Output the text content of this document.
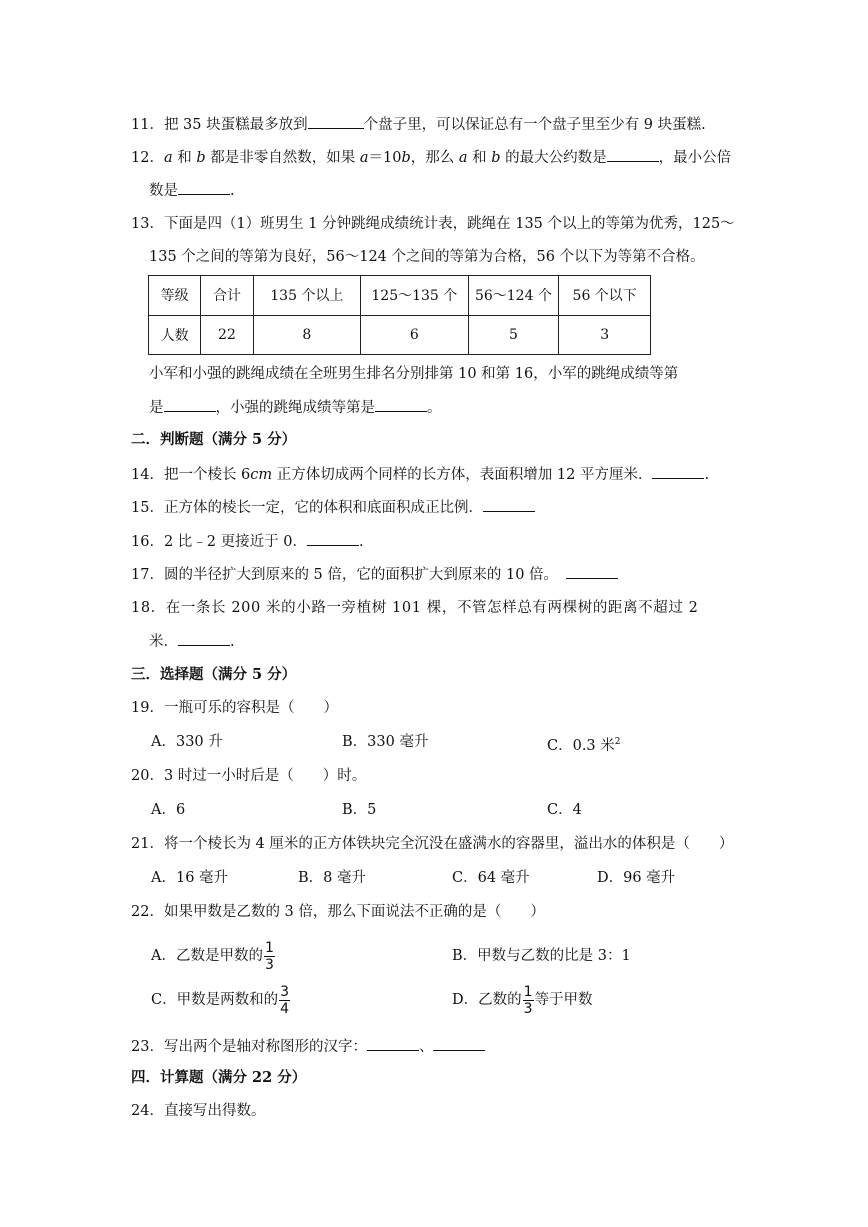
11．把 35 块蛋糕最多放到	个盘子里，可以保证总有一个盘子里至少有 9 块蛋糕.
12．a 和 b 都是非零自然数，如果 a＝10b，那么 a 和 b 的最大公约数是	，最小公倍
数是	.
13．下面是四（1）班男生 1 分钟跳绳成绩统计表，跳绳在 135 个以上的等第为优秀，125～
135 个之间的等第为良好，56～124 个之间的等第为合格，56 个以下为等第不合格。
等级	合计	135 个以上	125～135 个	56～124 个	56 个以下
人数	22	8	6	5	3
小军和小强的跳绳成绩在全班男生排名分别排第 10 和第 16，小军的跳绳成绩等第
是	，小强的跳绳成绩等第是	。
二．判断题（满分 5 分）
14．把一个棱长 6cm 正方体切成两个同样的长方体，表面积增加 12 平方厘米．	.
15．正方体的棱长一定，它的体积和底面积成正比例．
16．2 比﹣2 更接近于 0．	.
17．圆的半径扩大到原来的 5 倍，它的面积扩大到原来的 10 倍。
18．在一条长 200 米的小路一旁植树 101 棵，不管怎样总有两棵树的距离不超过 2
米．	.
三．选择题（满分 5 分）
19．一瓶可乐的容积是（　　）
A．330 升	B．330 毫升	C．0.3 米$^2$
20．3 时过一小时后是（　　）时。
A．6	B．5	C．4
21．将一个棱长为 4 厘米的正方体铁块完全沉没在盛满水的容器里，溢出水的体积是（　　）
A．16 毫升	B．8 毫升	C．64 毫升	D．96 毫升
22．如果甲数是乙数的 3 倍，那么下面说法不正确的是（　　）
A．乙数是甲数的 $\frac{1}{3}$	B．甲数与乙数的比是 3：1
C．甲数是两数和的 $\frac{3}{4}$	D．乙数的 $\frac{1}{3}$ 等于甲数
23．写出两个是轴对称图形的汉字：	、
四．计算题（满分 22 分）
24．直接写出得数。
